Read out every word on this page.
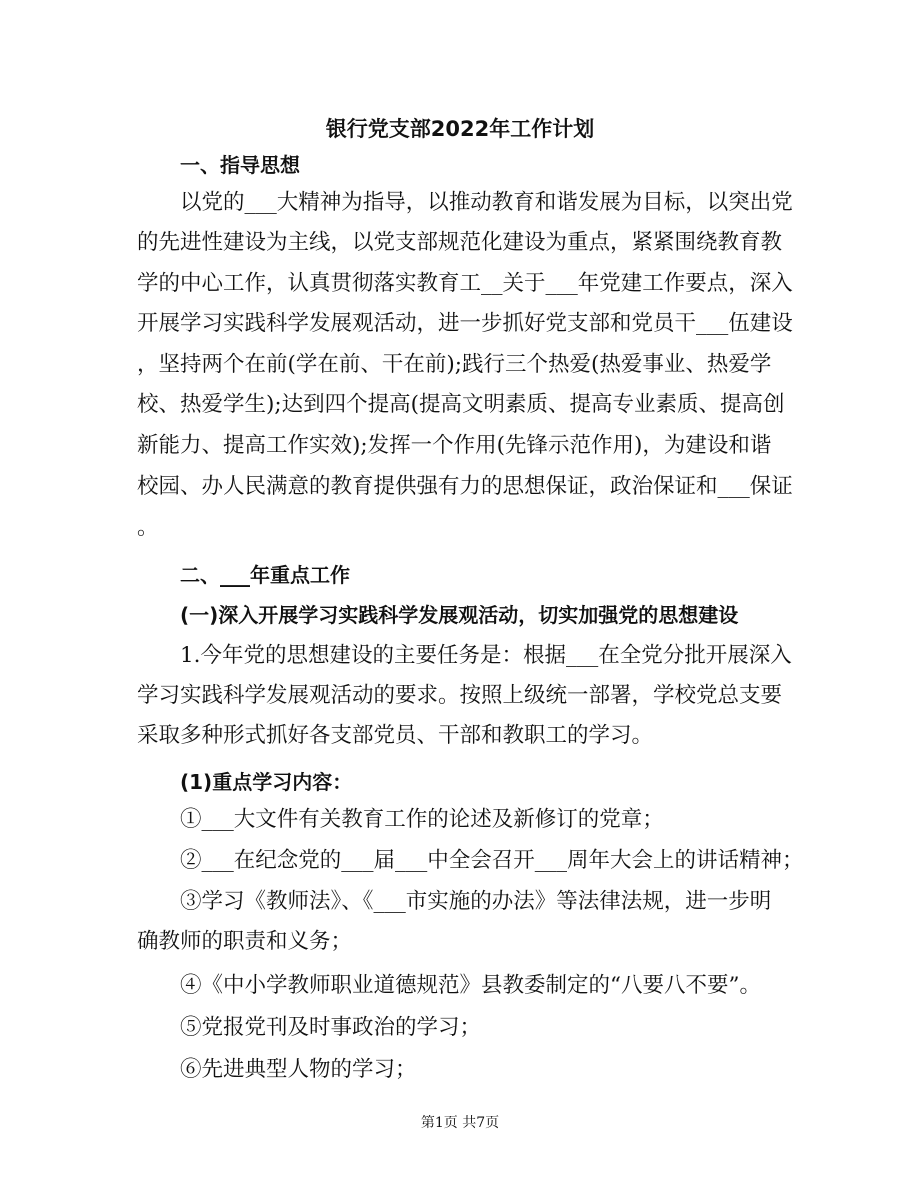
银行党支部2022年工作计划
一、指导思想
以党的___大精神为指导，以推动教育和谐发展为目标，以突出党
的先进性建设为主线，以党支部规范化建设为重点，紧紧围绕教育教
学的中心工作，认真贯彻落实教育工__关于___年党建工作要点，深入
开展学习实践科学发展观活动，进一步抓好党支部和党员干___伍建设
，坚持两个在前(学在前、干在前);践行三个热爱(热爱事业、热爱学
校、热爱学生);达到四个提高(提高文明素质、提高专业素质、提高创
新能力、提高工作实效);发挥一个作用(先锋示范作用)，为建设和谐
校园、办人民满意的教育提供强有力的思想保证，政治保证和___保证
。
二、___年重点工作
(一)深入开展学习实践科学发展观活动，切实加强党的思想建设
1.今年党的思想建设的主要任务是：根据___在全党分批开展深入
学习实践科学发展观活动的要求。按照上级统一部署，学校党总支要
采取多种形式抓好各支部党员、干部和教职工的学习。
(1)重点学习内容：
①___大文件有关教育工作的论述及新修订的党章；
②___在纪念党的___届___中全会召开___周年大会上的讲话精神；
③学习《教师法》、《___市实施的办法》等法律法规，进一步明
确教师的职责和义务；
④《中小学教师职业道德规范》县教委制定的“八要八不要”。
⑤党报党刊及时事政治的学习；
⑥先进典型人物的学习；
第1页 共7页
